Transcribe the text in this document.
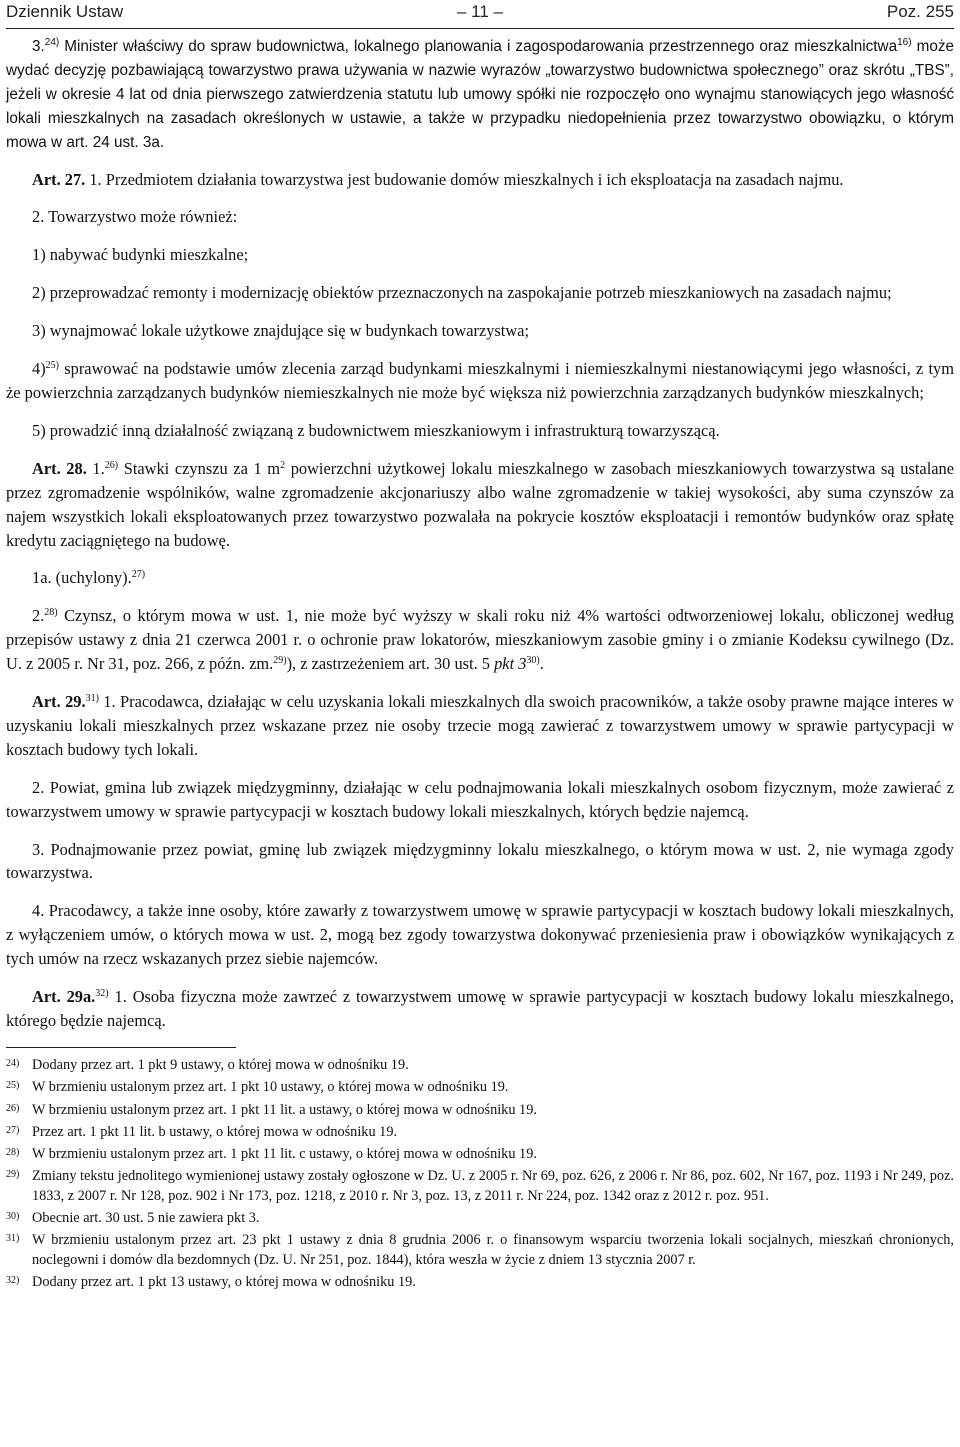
Dziennik Ustaw	– 11 –	Poz. 255

3.$^{24)}$ Minister właściwy do spraw budownictwa, lokalnego planowania i zagospodarowania przestrzennego oraz mieszkalnictwa$^{16)}$ może wydać decyzję pozbawiającą towarzystwo prawa używania w nazwie wyrazów „towarzystwo budownictwa społecznego” oraz skrótu „TBS”, jeżeli w okresie 4 lat od dnia pierwszego zatwierdzenia statutu lub umowy spółki nie rozpoczęło ono wynajmu stanowiących jego własność lokali mieszkalnych na zasadach określonych w ustawie, a także w przypadku niedopełnienia przez towarzystwo obowiązku, o którym mowa w art. 24 ust. 3a.

Art. 27. 1. Przedmiotem działania towarzystwa jest budowanie domów mieszkalnych i ich eksploatacja na zasadach najmu.

2. Towarzystwo może również:

1) nabywać budynki mieszkalne;

2) przeprowadzać remonty i modernizację obiektów przeznaczonych na zaspokajanie potrzeb mieszkaniowych na zasadach najmu;

3) wynajmować lokale użytkowe znajdujące się w budynkach towarzystwa;

4)$^{25)}$ sprawować na podstawie umów zlecenia zarząd budynkami mieszkalnymi i niemieszkalnymi niestanowiącymi jego własności, z tym że powierzchnia zarządzanych budynków niemieszkalnych nie może być większa niż powierzchnia zarządzanych budynków mieszkalnych;

5) prowadzić inną działalność związaną z budownictwem mieszkaniowym i infrastrukturą towarzyszącą.

Art. 28. 1.$^{26)}$ Stawki czynszu za 1 $m^2$ powierzchni użytkowej lokalu mieszkalnego w zasobach mieszkaniowych towarzystwa są ustalane przez zgromadzenie wspólników, walne zgromadzenie akcjonariuszy albo walne zgromadzenie w takiej wysokości, aby suma czynszów za najem wszystkich lokali eksploatowanych przez towarzystwo pozwalała na pokrycie kosztów eksploatacji i remontów budynków oraz spłatę kredytu zaciągniętego na budowę.

1a. (uchylony).$^{27)}$

2.$^{28)}$ Czynsz, o którym mowa w ust. 1, nie może być wyższy w skali roku niż 4% wartości odtworzeniowej lokalu, obliczonej według przepisów ustawy z dnia 21 czerwca 2001 r. o ochronie praw lokatorów, mieszkaniowym zasobie gminy i o zmianie Kodeksu cywilnego (Dz. U. z 2005 r. Nr 31, poz. 266, z późn. zm.$^{29)}$), z zastrzeżeniem art. 30 ust. 5 pkt 3$^{30)}$.

Art. 29.$^{31)}$ 1. Pracodawca, działając w celu uzyskania lokali mieszkalnych dla swoich pracowników, a także osoby prawne mające interes w uzyskaniu lokali mieszkalnych przez wskazane przez nie osoby trzecie mogą zawierać z towarzystwem umowy w sprawie partycypacji w kosztach budowy tych lokali.

2. Powiat, gmina lub związek międzygminny, działając w celu podnajmowania lokali mieszkalnych osobom fizycznym, może zawierać z towarzystwem umowy w sprawie partycypacji w kosztach budowy lokali mieszkalnych, których będzie najemcą.

3. Podnajmowanie przez powiat, gminę lub związek międzygminny lokalu mieszkalnego, o którym mowa w ust. 2, nie wymaga zgody towarzystwa.

4. Pracodawcy, a także inne osoby, które zawarły z towarzystwem umowę w sprawie partycypacji w kosztach budowy lokali mieszkalnych, z wyłączeniem umów, o których mowa w ust. 2, mogą bez zgody towarzystwa dokonywać przeniesienia praw i obowiązków wynikających z tych umów na rzecz wskazanych przez siebie najemców.

Art. 29a.$^{32)}$ 1. Osoba fizyczna może zawrzeć z towarzystwem umowę w sprawie partycypacji w kosztach budowy lokalu mieszkalnego, którego będzie najemcą.

24) Dodany przez art. 1 pkt 9 ustawy, o której mowa w odnośniku 19.
25) W brzmieniu ustalonym przez art. 1 pkt 10 ustawy, o której mowa w odnośniku 19.
26) W brzmieniu ustalonym przez art. 1 pkt 11 lit. a ustawy, o której mowa w odnośniku 19.
27) Przez art. 1 pkt 11 lit. b ustawy, o której mowa w odnośniku 19.
28) W brzmieniu ustalonym przez art. 1 pkt 11 lit. c ustawy, o której mowa w odnośniku 19.
29) Zmiany tekstu jednolitego wymienionej ustawy zostały ogłoszone w Dz. U. z 2005 r. Nr 69, poz. 626, z 2006 r. Nr 86, poz. 602, Nr 167, poz. 1193 i Nr 249, poz. 1833, z 2007 r. Nr 128, poz. 902 i Nr 173, poz. 1218, z 2010 r. Nr 3, poz. 13, z 2011 r. Nr 224, poz. 1342 oraz z 2012 r. poz. 951.
30) Obecnie art. 30 ust. 5 nie zawiera pkt 3.
31) W brzmieniu ustalonym przez art. 23 pkt 1 ustawy z dnia 8 grudnia 2006 r. o finansowym wsparciu tworzenia lokali socjalnych, mieszkań chronionych, noclegowni i domów dla bezdomnych (Dz. U. Nr 251, poz. 1844), która weszła w życie z dniem 13 stycznia 2007 r.
32) Dodany przez art. 1 pkt 13 ustawy, o której mowa w odnośniku 19.
